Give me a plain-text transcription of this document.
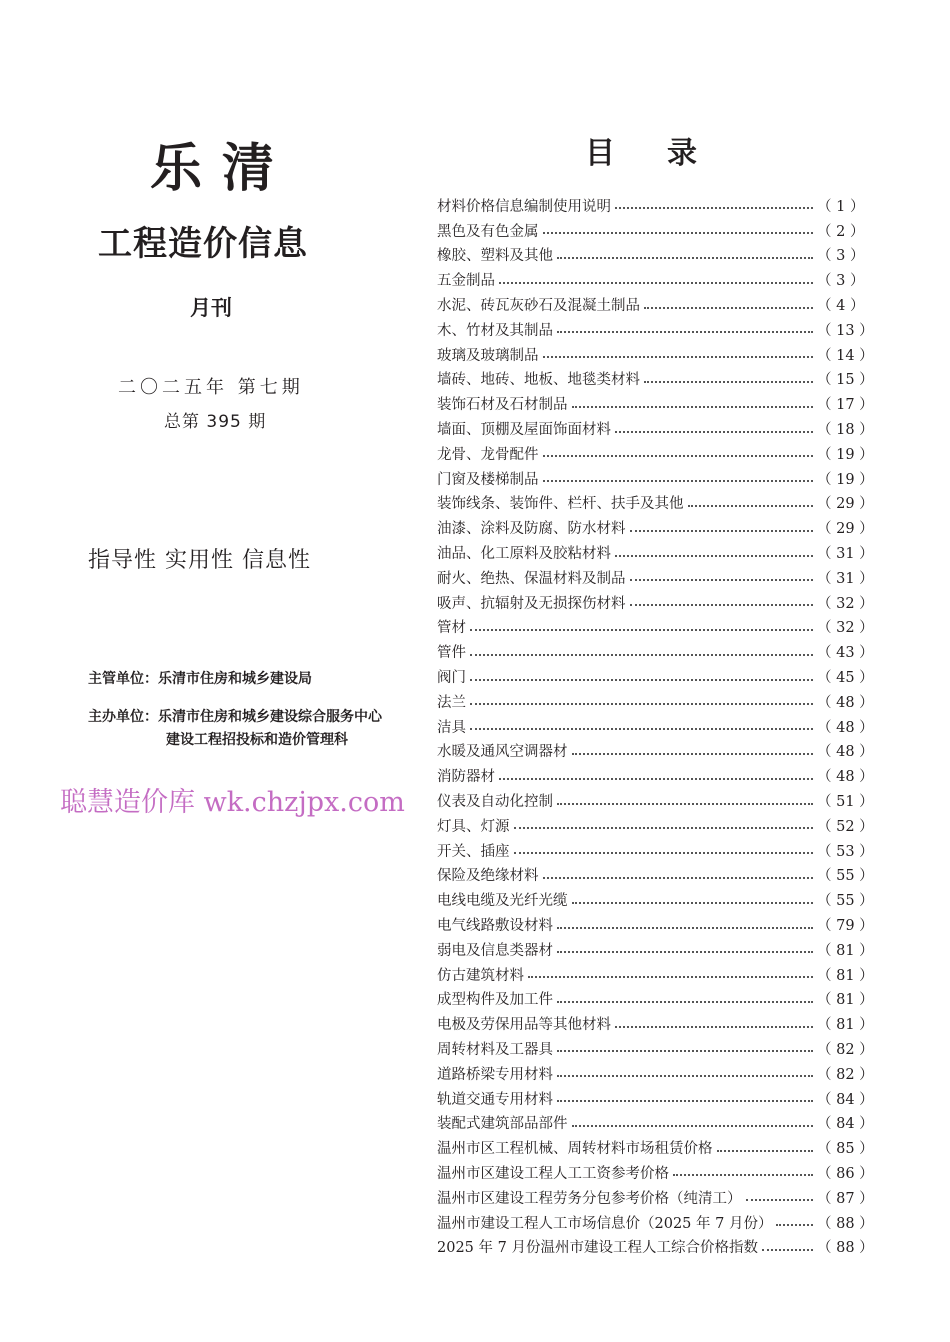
乐清
工程造价信息
月刊
二〇二五年 第七期
总第 395 期
指导性 实用性 信息性
主管单位：乐清市住房和城乡建设局
主办单位：乐清市住房和城乡建设综合服务中心
建设工程招投标和造价管理科
聪慧造价库 wk.chzjpx.com
目 录
材料价格信息编制使用说明	（ 1 ）
黑色及有色金属	（ 2 ）
橡胶、塑料及其他	（ 3 ）
五金制品	（ 3 ）
水泥、砖瓦灰砂石及混凝土制品	（ 4 ）
木、竹材及其制品	（ 13 ）
玻璃及玻璃制品	（ 14 ）
墙砖、地砖、地板、地毯类材料	（ 15 ）
装饰石材及石材制品	（ 17 ）
墙面、顶棚及屋面饰面材料	（ 18 ）
龙骨、龙骨配件	（ 19 ）
门窗及楼梯制品	（ 19 ）
装饰线条、装饰件、栏杆、扶手及其他	（ 29 ）
油漆、涂料及防腐、防水材料	（ 29 ）
油品、化工原料及胶粘材料	（ 31 ）
耐火、绝热、保温材料及制品	（ 31 ）
吸声、抗辐射及无损探伤材料	（ 32 ）
管材	（ 32 ）
管件	（ 43 ）
阀门	（ 45 ）
法兰	（ 48 ）
洁具	（ 48 ）
水暖及通风空调器材	（ 48 ）
消防器材	（ 48 ）
仪表及自动化控制	（ 51 ）
灯具、灯源	（ 52 ）
开关、插座	（ 53 ）
保险及绝缘材料	（ 55 ）
电线电缆及光纤光缆	（ 55 ）
电气线路敷设材料	（ 79 ）
弱电及信息类器材	（ 81 ）
仿古建筑材料	（ 81 ）
成型构件及加工件	（ 81 ）
电极及劳保用品等其他材料	（ 81 ）
周转材料及工器具	（ 82 ）
道路桥梁专用材料	（ 82 ）
轨道交通专用材料	（ 84 ）
装配式建筑部品部件	（ 84 ）
温州市区工程机械、周转材料市场租赁价格	（ 85 ）
温州市区建设工程人工工资参考价格	（ 86 ）
温州市区建设工程劳务分包参考价格（纯清工）	（ 87 ）
温州市建设工程人工市场信息价（2025 年 7 月份）	（ 88 ）
2025 年 7 月份温州市建设工程人工综合价格指数	（ 88 ）
